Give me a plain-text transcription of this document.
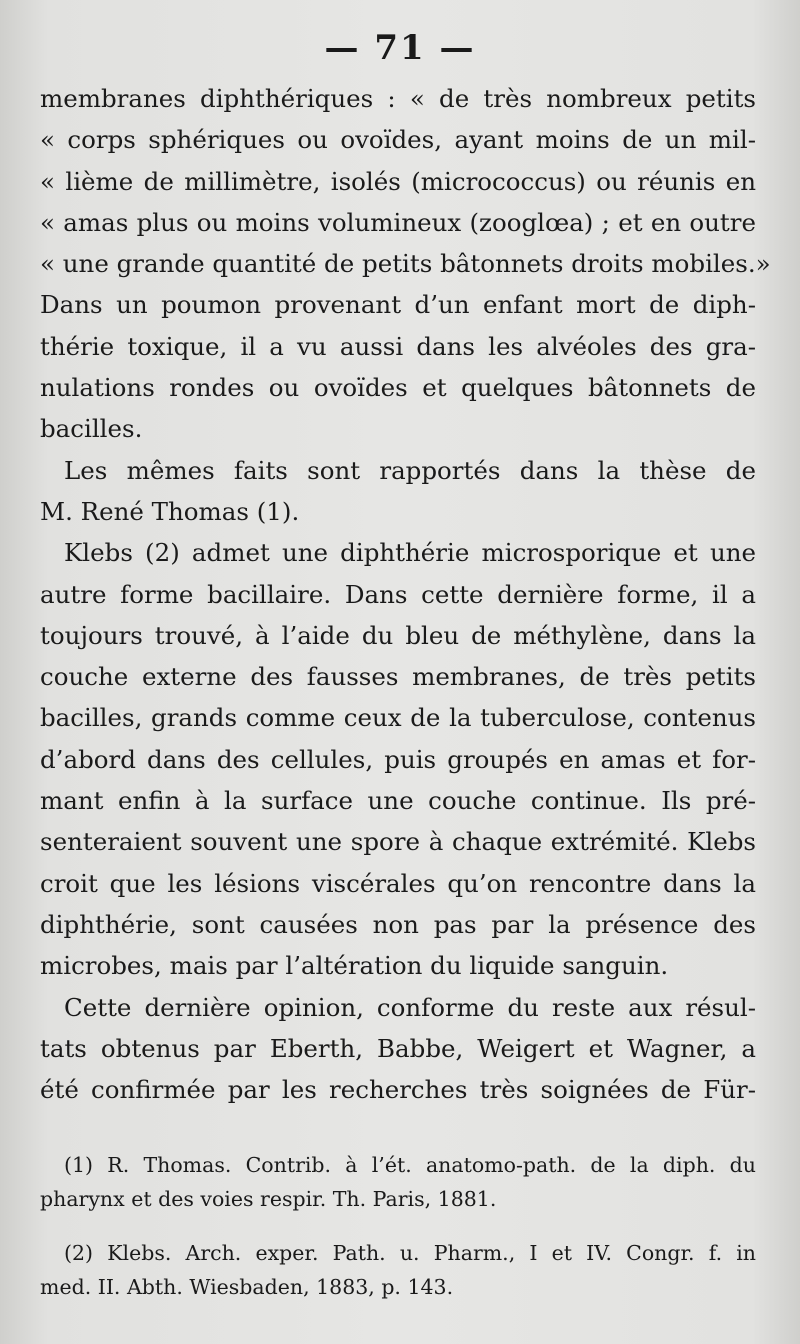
— 71 —
membranes diphthériques : « de très nombreux petits
« corps sphériques ou ovoïdes, ayant moins de un mil-
« lième de millimètre, isolés (micrococcus) ou réunis en
« amas plus ou moins volumineux (zooglœa) ; et en outre
« une grande quantité de petits bâtonnets droits mobiles.»
Dans un poumon provenant d’un enfant mort de diph-
thérie toxique, il a vu aussi dans les alvéoles des gra-
nulations rondes ou ovoïdes et quelques bâtonnets de
bacilles.
Les mêmes faits sont rapportés dans la thèse de
M. René Thomas (1).
Klebs (2) admet une diphthérie microsporique et une
autre forme bacillaire. Dans cette dernière forme, il a
toujours trouvé, à l’aide du bleu de méthylène, dans la
couche externe des fausses membranes, de très petits
bacilles, grands comme ceux de la tuberculose, contenus
d’abord dans des cellules, puis groupés en amas et for-
mant enfin à la surface une couche continue. Ils pré-
senteraient souvent une spore à chaque extrémité. Klebs
croit que les lésions viscérales qu’on rencontre dans la
diphthérie, sont causées non pas par la présence des
microbes, mais par l’altération du liquide sanguin.
Cette dernière opinion, conforme du reste aux résul-
tats obtenus par Eberth, Babbe, Weigert et Wagner, a
été confirmée par les recherches très soignées de Für-
(1) R. Thomas. Contrib. à l’ét. anatomo-path. de la diph. du
pharynx et des voies respir. Th. Paris, 1881.
(2) Klebs. Arch. exper. Path. u. Pharm., I et IV. Congr. f. in
med. II. Abth. Wiesbaden, 1883, p. 143.
